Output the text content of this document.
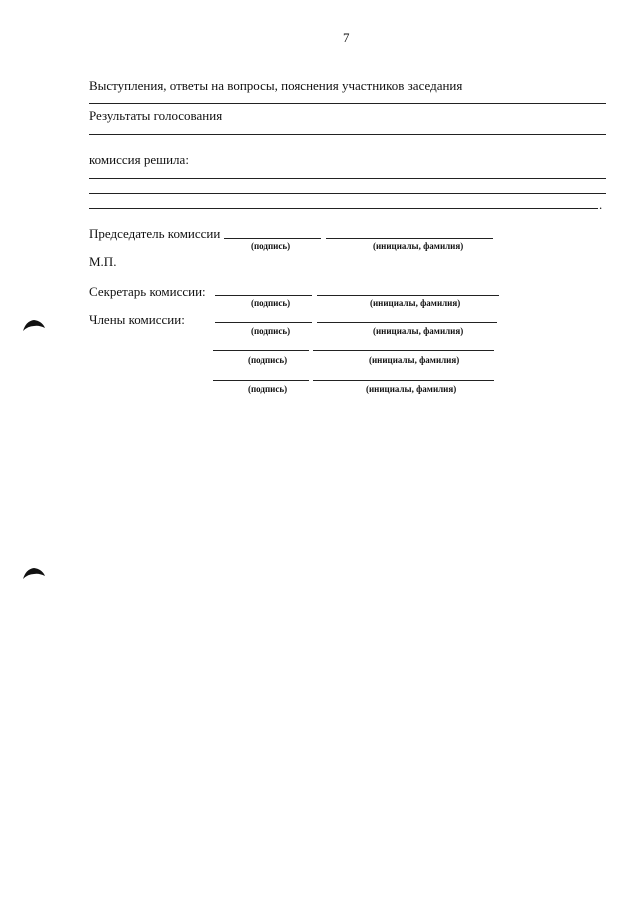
7
Выступления, ответы на вопросы, пояснения участников заседания
Результаты голосования
комиссия решила:
.
Председатель комиссии
(подпись)	(инициалы, фамилия)
М.П.
Секретарь комиссии:
(подпись)	(инициалы, фамилия)
Члены комиссии:
(подпись)	(инициалы, фамилия)
(подпись)	(инициалы, фамилия)
(подпись)	(инициалы, фамилия)
